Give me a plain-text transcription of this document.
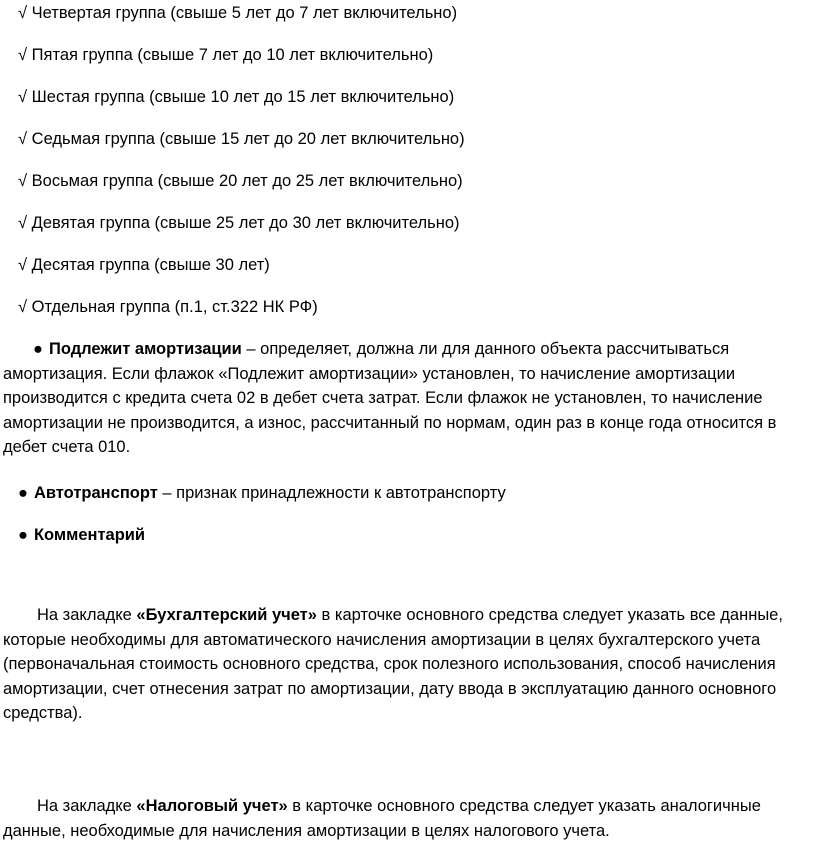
√ Четвертая группа (свыше 5 лет до 7 лет включительно)
√ Пятая группа (свыше 7 лет до 10 лет включительно)
√ Шестая группа (свыше 10 лет до 15 лет включительно)
√ Седьмая группа (свыше 15 лет до 20 лет включительно)
√ Восьмая группа (свыше 20 лет до 25 лет включительно)
√ Девятая группа (свыше 25 лет до 30 лет включительно)
√ Десятая группа (свыше 30 лет)
√ Отдельная группа (п.1, ст.322 НК РФ)
● Подлежит амортизации – определяет, должна ли для данного объекта рассчитываться амортизация. Если флажок «Подлежит амортизации» установлен, то начисление амортизации производится с кредита счета 02 в дебет счета затрат. Если флажок не установлен, то начисление амортизации не производится, а износ, рассчитанный по нормам, один раз в конце года относится в дебет счета 010.
● Автотранспорт – признак принадлежности к автотранспорту
● Комментарий
На закладке «Бухгалтерский учет» в карточке основного средства следует указать все данные, которые необходимы для автоматического начисления амортизации в целях бухгалтерского учета (первоначальная стоимость основного средства, срок полезного использования, способ начисления амортизации, счет отнесения затрат по амортизации, дату ввода в эксплуатацию данного основного средства).
На закладке «Налоговый учет» в карточке основного средства следует указать аналогичные данные, необходимые для начисления амортизации в целях налогового учета.
